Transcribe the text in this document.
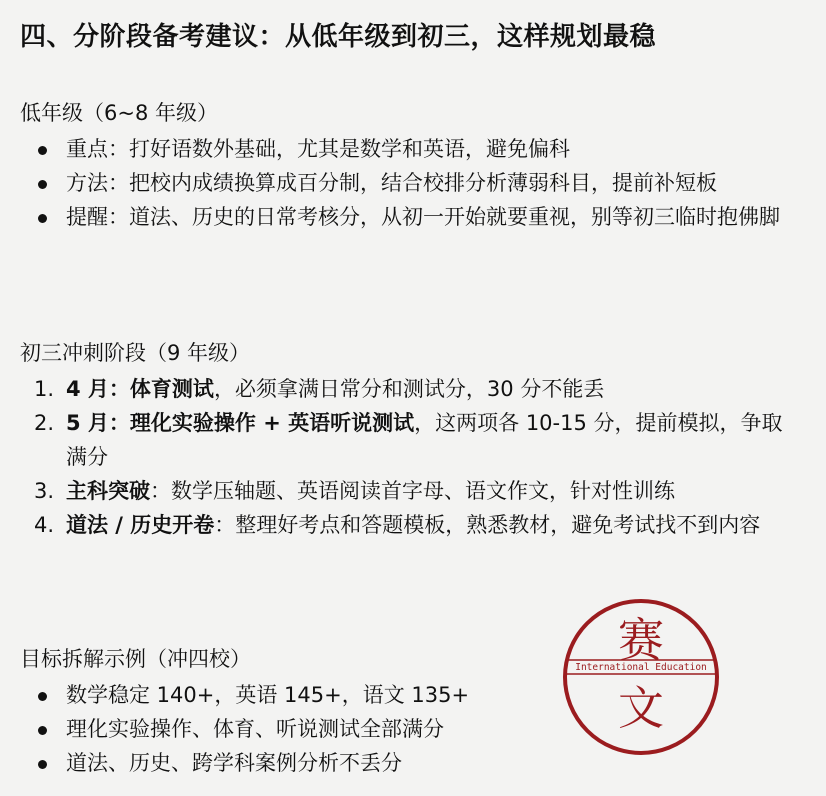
四、分阶段备考建议：从低年级到初三，这样规划最稳
低年级（6~8 年级）
重点：打好语数外基础，尤其是数学和英语，避免偏科
方法：把校内成绩换算成百分制，结合校排分析薄弱科目，提前补短板
提醒：道法、历史的日常考核分，从初一开始就要重视，别等初三临时抱佛脚
初三冲刺阶段（9 年级）
1. 4 月：体育测试，必须拿满日常分和测试分，30 分不能丢
2. 5 月：理化实验操作 + 英语听说测试，这两项各 10-15 分，提前模拟，争取满分
3. 主科突破：数学压轴题、英语阅读首字母、语文作文，针对性训练
4. 道法 / 历史开卷：整理好考点和答题模板，熟悉教材，避免考试找不到内容
目标拆解示例（冲四校）
数学稳定 140+，英语 145+，语文 135+
理化实验操作、体育、听说测试全部满分
道法、历史、跨学科案例分析不丢分
赛
International Education
文
